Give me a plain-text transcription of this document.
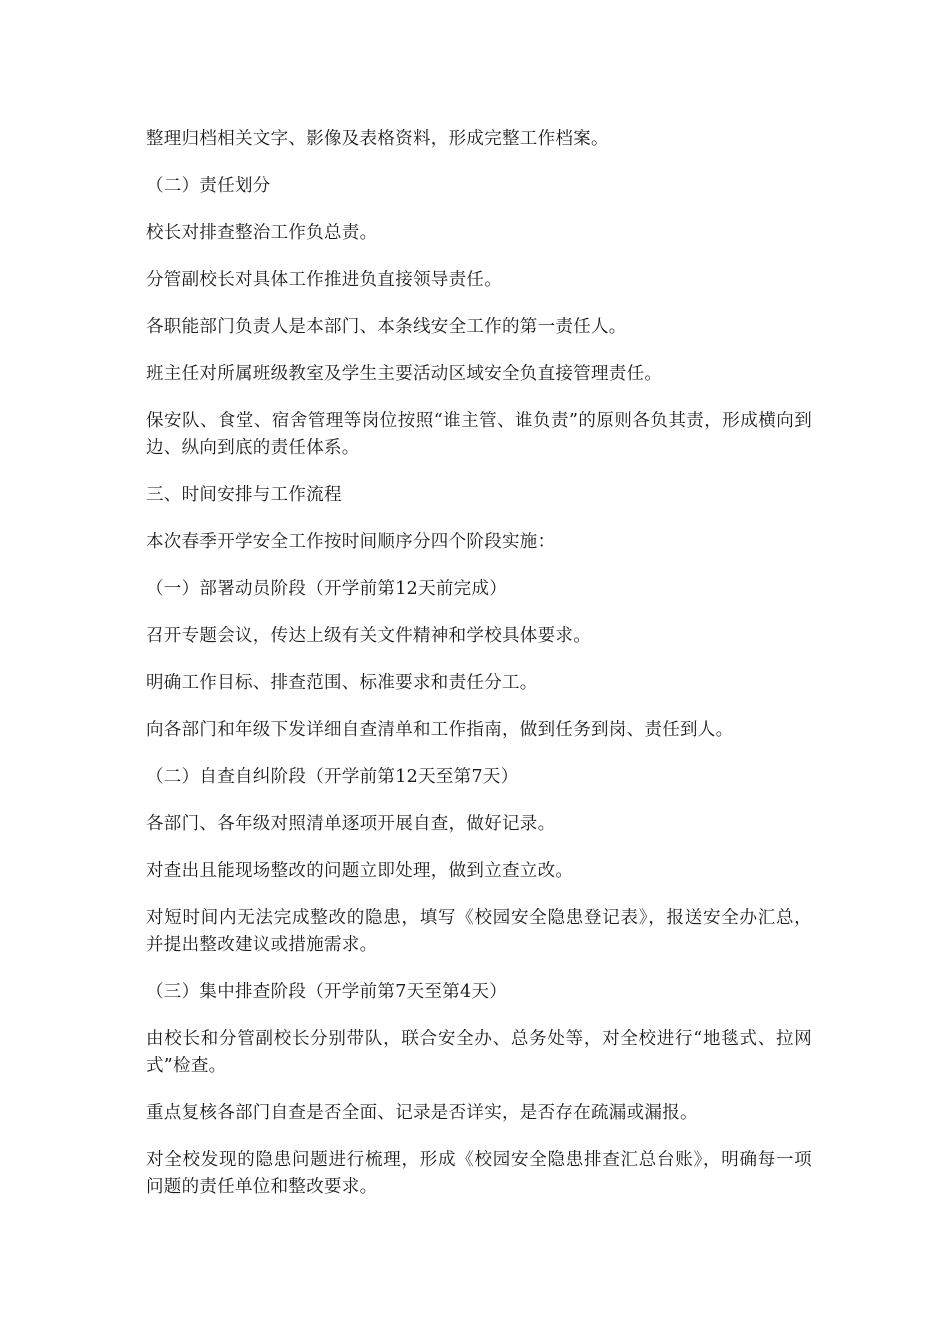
整理归档相关文字、影像及表格资料，形成完整工作档案。

（二）责任划分

校长对排查整治工作负总责。

分管副校长对具体工作推进负直接领导责任。

各职能部门负责人是本部门、本条线安全工作的第一责任人。

班主任对所属班级教室及学生主要活动区域安全负直接管理责任。

保安队、食堂、宿舍管理等岗位按照“谁主管、谁负责”的原则各负其责，形成横向到边、纵向到底的责任体系。

三、时间安排与工作流程

本次春季开学安全工作按时间顺序分四个阶段实施：

（一）部署动员阶段（开学前第12天前完成）

召开专题会议，传达上级有关文件精神和学校具体要求。

明确工作目标、排查范围、标准要求和责任分工。

向各部门和年级下发详细自查清单和工作指南，做到任务到岗、责任到人。

（二）自查自纠阶段（开学前第12天至第7天）

各部门、各年级对照清单逐项开展自查，做好记录。

对查出且能现场整改的问题立即处理，做到立查立改。

对短时间内无法完成整改的隐患，填写《校园安全隐患登记表》，报送安全办汇总，并提出整改建议或措施需求。

（三）集中排查阶段（开学前第7天至第4天）

由校长和分管副校长分别带队，联合安全办、总务处等，对全校进行“地毯式、拉网式”检查。

重点复核各部门自查是否全面、记录是否详实，是否存在疏漏或漏报。

对全校发现的隐患问题进行梳理，形成《校园安全隐患排查汇总台账》，明确每一项问题的责任单位和整改要求。
